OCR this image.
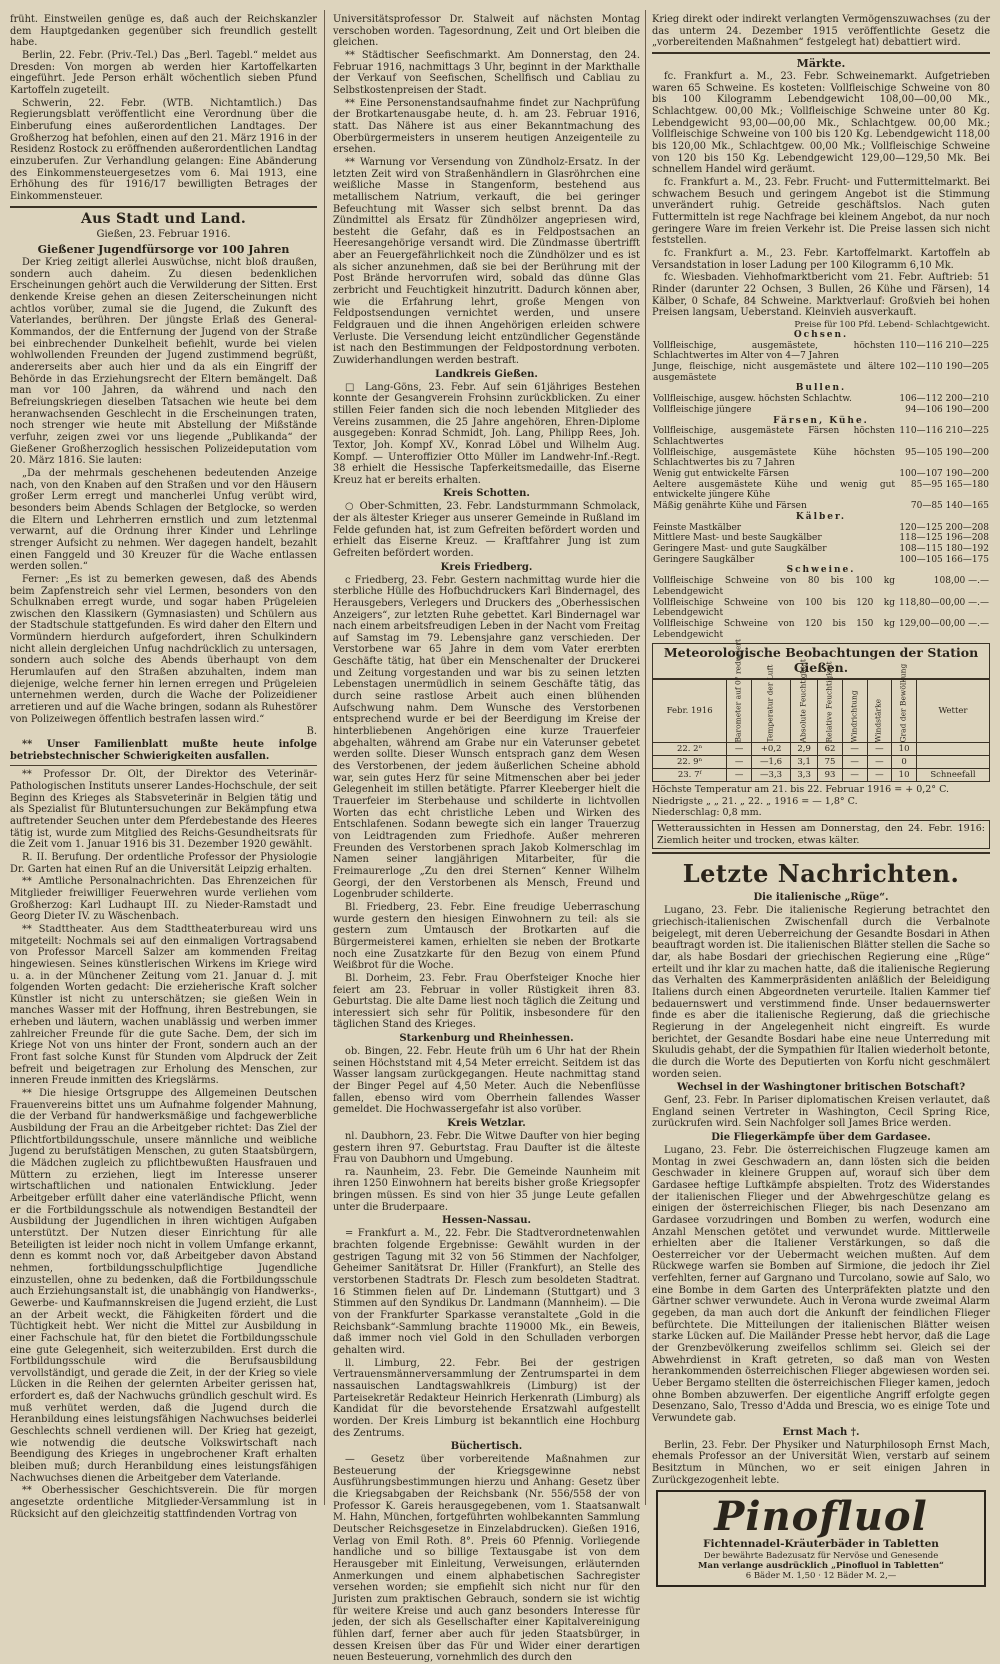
früht. Einstweilen genüge es, daß auch der Reichskanzler dem Hauptgedanken gegenüber sich freundlich gestellt habe.

Berlin, 22. Febr. (Priv.-Tel.) Das „Berl. Tagebl.“ meldet aus Dresden: Von morgen ab werden hier Kartoffelkarten eingeführt. Jede Person erhält wöchentlich sieben Pfund Kartoffeln zugeteilt.

Schwerin, 22. Febr. (WTB. Nichtamtlich.) Das Regierungsblatt veröffentlicht eine Verordnung über die Einberufung eines außerordentlichen Landtages. Der Großherzog hat befohlen, einen auf den 21. März 1916 in der Residenz Rostock zu eröffnenden außerordentlichen Landtag einzuberufen. Zur Verhandlung gelangen: Eine Abänderung des Einkommensteuergesetzes vom 6. Mai 1913, eine Erhöhung des für 1916/17 bewilligten Betrages der Einkommensteuer.

Aus Stadt und Land.
Gießen, 23. Februar 1916.
Gießener Jugendfürsorge vor 100 Jahren

Der Krieg zeitigt allerlei Auswüchse, nicht bloß draußen, sondern auch daheim. Zu diesen bedenklichen Erscheinungen gehört auch die Verwilderung der Sitten. Erst denkende Kreise gehen an diesen Zeiterscheinungen nicht achtlos vorüber, zumal sie die Jugend, die Zukunft des Vaterlandes, berühren. Der jüngste Erlaß des General-Kommandos, der die Entfernung der Jugend von der Straße bei einbrechender Dunkelheit befiehlt, wurde bei vielen wohlwollenden Freunden der Jugend zustimmend begrüßt, andererseits aber auch hier und da als ein Eingriff der Behörde in das Erziehungsrecht der Eltern bemängelt. Daß man vor 100 Jahren, da während und nach den Befreiungskriegen dieselben Tatsachen wie heute bei dem heranwachsenden Geschlecht in die Erscheinungen traten, noch strenger wie heute mit Abstellung der Mißstände verfuhr, zeigen zwei vor uns liegende „Publikanda“ der Gießener Großherzoglich hessischen Polizeideputation vom 20. März 1816. Sie lauten:

„Da der mehrmals geschehenen bedeutenden Anzeige nach, von den Knaben auf den Straßen und vor den Häusern großer Lerm erregt und mancherlei Unfug verübt wird, besonders beim Abends Schlagen der Betglocke, so werden die Eltern und Lehrherren ernstlich und zum letztenmal verwarnt, auf die Ordnung ihrer Kinder und Lehrlinge strenger Aufsicht zu nehmen. Wer dagegen handelt, bezahlt einen Fanggeld und 30 Kreuzer für die Wache entlassen werden sollen.“

Ferner: „Es ist zu bemerken gewesen, daß des Abends beim Zapfenstreich sehr viel Lermen, besonders von den Schulknaben erregt wurde, und sogar haben Prügeleien zwischen den Klassikern (Gymnasiasten) und Schülern aus der Stadtschule stattgefunden. Es wird daher den Eltern und Vormündern hierdurch aufgefordert, ihren Schulkindern nicht allein dergleichen Unfug nachdrücklich zu untersagen, sondern auch solche des Abends überhaupt von dem Herumlaufen auf den Straßen abzuhalten, indem man diejenige, welche ferner hin lernen erregen und Prügeleien unternehmen werden, durch die Wache der Polizeidiener arretieren und auf die Wache bringen, sodann als Ruhestörer von Polizeiwegen öffentlich bestrafen lassen wird.“

B.

** Unser Familienblatt mußte heute infolge betriebstechnischer Schwierigkeiten ausfallen.

** Professor Dr. Olt, der Direktor des Veterinär-Pathologischen Instituts unserer Landes-Hochschule, der seit Beginn des Krieges als Stabsveterinär in Belgien tätig und als Spezialist für Blutuntersuchungen zur Bekämpfung etwa auftretender Seuchen unter dem Pferdebestande des Heeres tätig ist, wurde zum Mitglied des Reichs-Gesundheitsrats für die Zeit vom 1. Januar 1916 bis 31. Dezember 1920 gewählt.

R. II. Berufung. Der ordentliche Professor der Physiologie Dr. Garten hat einen Ruf an die Universität Leipzig erhalten.

** Amtliche Personalnachrichten. Das Ehrenzeichen für Mitglieder freiwilliger Feuerwehren wurde verliehen vom Großherzog: Karl Ludhaupt III. zu Nieder-Ramstadt und Georg Dieter IV. zu Wäschenbach.

** Stadttheater. Aus dem Stadttheaterbureau wird uns mitgeteilt: Nochmals sei auf den einmaligen Vortragsabend von Professor Marcell Salzer am kommenden Freitag hingewiesen. Seines künstlerischen Wirkens im Kriege wird u. a. in der Münchener Zeitung vom 21. Januar d. J. mit folgenden Worten gedacht: Die erzieherische Kraft solcher Künstler ist nicht zu unterschätzen; sie gießen Wein in manches Wasser mit der Hoffnung, ihren Bestrebungen, sie erheben und läutern, wachen unablässig und werben immer zahlreicher Freunde für die gute Sache. Dem, der sich im Kriege Not von uns hinter der Front, sondern auch an der Front fast solche Kunst für Stunden vom Alpdruck der Zeit befreit und beigetragen zur Erholung des Menschen, zur inneren Freude inmitten des Kriegslärms.

** Die hiesige Ortsgruppe des Allgemeinen Deutschen Frauenvereins bittet uns um Aufnahme folgender Mahnung, die der Verband für handwerksmäßige und fachgewerbliche Ausbildung der Frau an die Arbeitgeber richtet: Das Ziel der Pflichtfortbildungsschule, unsere männliche und weibliche Jugend zu berufstätigen Menschen, zu guten Staatsbürgern, die Mädchen zugleich zu pflichtbewußten Hausfrauen und Müttern zu erziehen, liegt im Interesse unserer wirtschaftlichen und nationalen Entwicklung. Jeder Arbeitgeber erfüllt daher eine vaterländische Pflicht, wenn er die Fortbildungsschule als notwendigen Bestandteil der Ausbildung der Jugendlichen in ihren wichtigen Aufgaben unterstützt. Der Nutzen dieser Einrichtung für alle Beteiligten ist leider noch nicht in vollem Umfange erkannt, denn es kommt noch vor, daß Arbeitgeber davon Abstand nehmen, fortbildungsschulpflichtige Jugendliche einzustellen, ohne zu bedenken, daß die Fortbildungsschule auch Erziehungsanstalt ist, die unabhängig von Handwerks-, Gewerbe- und Kaufmannskreisen die Jugend erzieht, die Lust an der Arbeit weckt, die Fähigkeiten fördert und die Tüchtigkeit hebt. Wer nicht die Mittel zur Ausbildung in einer Fachschule hat, für den bietet die Fortbildungsschule eine gute Gelegenheit, sich weiterzubilden. Erst durch die Fortbildungsschule wird die Berufsausbildung vervollständigt, und gerade die Zeit, in der der Krieg so viele Lücken in die Reihen der gelernten Arbeiter gerissen hat, erfordert es, daß der Nachwuchs gründlich geschult wird. Es muß verhütet werden, daß die Jugend durch die Heranbildung eines leistungsfähigen Nachwuchses beiderlei Geschlechts schnell verdienen will. Der Krieg hat gezeigt, wie notwendig die deutsche Volkswirtschaft nach Beendigung des Krieges in ungebrochener Kraft erhalten bleiben muß; durch Heranbildung eines leistungsfähigen Nachwuchses dienen die Arbeitgeber dem Vaterlande.

** Oberhessischer Geschichtsverein. Die für morgen angesetzte ordentliche Mitglieder-Versammlung ist in Rücksicht auf den gleichzeitig stattfindenden Vortrag von

Universitätsprofessor Dr. Stalweit auf nächsten Montag verschoben worden. Tagesordnung, Zeit und Ort bleiben die gleichen.

** Städtischer Seefischmarkt. Am Donnerstag, den 24. Februar 1916, nachmittags 3 Uhr, beginnt in der Markthalle der Verkauf von Seefischen, Schellfisch und Cabliau zu Selbstkostenpreisen der Stadt.

** Eine Personenstandsaufnahme findet zur Nachprüfung der Brotkartenausgabe heute, d. h. am 23. Februar 1916, statt. Das Nähere ist aus einer Bekanntmachung des Oberbürgermeisters in unserem heutigen Anzeigenteile zu ersehen.

** Warnung vor Versendung von Zündholz-Ersatz. In der letzten Zeit wird von Straßenhändlern in Glasröhrchen eine weißliche Masse in Stangenform, bestehend aus metallischem Natrium, verkauft, die bei geringer Befeuchtung mit Wasser sich selbst brennt. Da das Zündmittel als Ersatz für Zündhölzer angepriesen wird, besteht die Gefahr, daß es in Feldpostsachen an Heeresangehörige versandt wird. Die Zündmasse übertrifft aber an Feuergefährlichkeit noch die Zündhölzer und es ist als sicher anzunehmen, daß sie bei der Berührung mit der Post Brände hervorrufen wird, sobald das dünne Glas zerbricht und Feuchtigkeit hinzutritt. Dadurch können aber, wie die Erfahrung lehrt, große Mengen von Feldpostsendungen vernichtet werden, und unsere Feldgrauen und die ihnen Angehörigen erleiden schwere Verluste. Die Versendung leicht entzündlicher Gegenstände ist nach den Bestimmungen der Feldpostordnung verboten. Zuwiderhandlungen werden bestraft.

Landkreis Gießen.

□ Lang-Göns, 23. Febr. Auf sein 61jähriges Bestehen konnte der Gesangverein Frohsinn zurückblicken. Zu einer stillen Feier fanden sich die noch lebenden Mitglieder des Vereins zusammen, die 25 Jahre angehören, Ehren-Diplome ausgegeben: Konrad Schmidt, Joh. Lang, Philipp Rees, Joh. Textor, Joh. Kompf XV., Konrad Löbel und Wilhelm Aug. Kompf. — Unteroffizier Otto Müller im Landwehr-Inf.-Regt. 38 erhielt die Hessische Tapferkeitsmedaille, das Eiserne Kreuz hat er bereits erhalten.

Kreis Schotten.

○ Ober-Schmitten, 23. Febr. Landsturmmann Schmolack, der als ältester Krieger aus unserer Gemeinde in Rußland im Felde gefunden hat, ist zum Gefreiten befördert worden und erhielt das Eiserne Kreuz. — Kraftfahrer Jung ist zum Gefreiten befördert worden.

Kreis Friedberg.

c Friedberg, 23. Febr. Gestern nachmittag wurde hier die sterbliche Hülle des Hofbuchdruckers Karl Bindernagel, des Herausgebers, Verlegers und Druckers des „Oberhessischen Anzeigers“, zur letzten Ruhe gebettet. Karl Bindernagel war nach einem arbeitsfreudigen Leben in der Nacht vom Freitag auf Samstag im 79. Lebensjahre ganz verschieden. Der Verstorbene war 65 Jahre in dem vom Vater ererbten Geschäfte tätig, hat über ein Menschenalter der Druckerei und Zeitung vorgestanden und war bis zu seinen letzten Lebenstagen unermüdlich in seinem Geschäfte tätig, das durch seine rastlose Arbeit auch einen blühenden Aufschwung nahm. Dem Wunsche des Verstorbenen entsprechend wurde er bei der Beerdigung im Kreise der hinterbliebenen Angehörigen eine kurze Trauerfeier abgehalten, während am Grabe nur ein Vaterunser gebetet werden sollte. Dieser Wunsch entsprach ganz dem Wesen des Verstorbenen, der jedem äußerlichen Scheine abhold war, sein gutes Herz für seine Mitmenschen aber bei jeder Gelegenheit im stillen betätigte. Pfarrer Kleeberger hielt die Trauerfeier im Sterbehause und schilderte in lichtvollen Worten das echt christliche Leben und Wirken des Entschlafenen. Sodann bewegte sich ein langer Trauerzug von Leidtragenden zum Friedhofe. Außer mehreren Freunden des Verstorbenen sprach Jakob Kolmerschlag im Namen seiner langjährigen Mitarbeiter, für die Freimaurerloge „Zu den drei Sternen“ Kenner Wilhelm Georgi, der den Verstorbenen als Mensch, Freund und Logenbruder schilderte.

Bl. Friedberg, 23. Febr. Eine freudige Ueberraschung wurde gestern den hiesigen Einwohnern zu teil: als sie gestern zum Umtausch der Brotkarten auf die Bürgermeisterei kamen, erhielten sie neben der Brotkarte noch eine Zusatzkarte für den Bezug von einem Pfund Weißbrot für die Woche.

Bl. Dorheim, 23. Febr. Frau Oberfsteiger Knoche hier feiert am 23. Februar in voller Rüstigkeit ihren 83. Geburtstag. Die alte Dame liest noch täglich die Zeitung und interessiert sich sehr für Politik, insbesondere für den täglichen Stand des Krieges.

Starkenburg und Rheinhessen.

ob. Bingen, 22. Febr. Heute früh um 6 Uhr hat der Rhein seinen Höchststand mit 4,54 Meter erreicht. Seitdem ist das Wasser langsam zurückgegangen. Heute nachmittag stand der Binger Pegel auf 4,50 Meter. Auch die Nebenflüsse fallen, ebenso wird vom Oberrhein fallendes Wasser gemeldet. Die Hochwassergefahr ist also vorüber.

Kreis Wetzlar.

nl. Daubhorn, 23. Febr. Die Witwe Daufter von hier beging gestern ihren 97. Geburtstag. Frau Daufter ist die älteste Frau von Daubhorn und Umgebung.

ra. Naunheim, 23. Febr. Die Gemeinde Naunheim mit ihren 1250 Einwohnern hat bereits bisher große Kriegsopfer bringen müssen. Es sind von hier 35 junge Leute gefallen unter die Bruderpaare.

Hessen-Nassau.

= Frankfurt a. M., 22. Febr. Die Stadtverordnetenwahlen brachten folgende Ergebnisse: Gewählt wurden in der gestrigen Tagung mit 32 von 56 Stimmen der Nachfolger, Geheimer Sanitätsrat Dr. Hiller (Frankfurt), an Stelle des verstorbenen Stadtrats Dr. Flesch zum besoldeten Stadtrat. 16 Stimmen fielen auf Dr. Lindemann (Stuttgart) und 3 Stimmen auf den Syndikus Dr. Landmann (Mannheim). — Die von der Frankfurter Sparkasse veranstaltete „Gold in die Reichsbank“-Sammlung brachte 119000 Mk., ein Beweis, daß immer noch viel Gold in den Schulladen verborgen gehalten wird.

ll. Limburg, 22. Febr. Bei der gestrigen Vertrauensmännerversammlung der Zentrumspartei in dem nassauischen Landtagswahlkreis (Limburg) ist der Parteisekretär Redakteur Heinrich Herkenrath (Limburg) als Kandidat für die bevorstehende Ersatzwahl aufgestellt worden. Der Kreis Limburg ist bekanntlich eine Hochburg des Zentrums.

Büchertisch.

— Gesetz über vorbereitende Maßnahmen zur Besteuerung der Kriegsgewinne nebst Ausführungsbestimmungen hierzu und Anhang: Gesetz über die Kriegsabgaben der Reichsbank (Nr. 556/558 der von Professor K. Gareis herausgegebenen, vom 1. Staatsanwalt M. Hahn, München, fortgeführten wohlbekannten Sammlung Deutscher Reichsgesetze in Einzelabdrucken). Gießen 1916, Verlag von Emil Roth. 8°. Preis 60 Pfennig. Vorliegende handliche und so billige Textausgabe ist von dem Herausgeber mit Einleitung, Verweisungen, erläuternden Anmerkungen und einem alphabetischen Sachregister versehen worden; sie empfiehlt sich nicht nur für den Juristen zum praktischen Gebrauch, sondern sie ist wichtig für weitere Kreise und auch ganz besonders Interesse für jeden, der sich als Gesellschafter einer Kapitalvereinigung fühlen darf, ferner aber auch für jeden Staatsbürger, in dessen Kreisen über das Für und Wider einer derartigen neuen Besteuerung, vornehmlich des durch den

Krieg direkt oder indirekt verlangten Vermögenszuwachses (zu der das unterm 24. Dezember 1915 veröffentlichte Gesetz die „vorbereitenden Maßnahmen“ festgelegt hat) debattiert wird.

Märkte.

fc. Frankfurt a. M., 23. Febr. Schweinemarkt. Aufgetrieben waren 65 Schweine. Es kosteten: Vollfleischige Schweine von 80 bis 100 Kilogramm Lebendgewicht 108,00—00,00 Mk., Schlachtgew. 00,00 Mk.; Vollfleischige Schweine unter 80 Kg. Lebendgewicht 93,00—00,00 Mk., Schlachtgew. 00,00 Mk.; Vollfleischige Schweine von 100 bis 120 Kg. Lebendgewicht 118,00 bis 120,00 Mk., Schlachtgew. 00,00 Mk.; Vollfleischige Schweine von 120 bis 150 Kg. Lebendgewicht 129,00—129,50 Mk. Bei schnellem Handel wird geräumt.

fc. Frankfurt a. M., 23. Febr. Frucht- und Futtermittelmarkt. Bei schwachem Besuch und geringem Angebot ist die Stimmung unverändert ruhig. Getreide geschäftslos. Nach guten Futtermitteln ist rege Nachfrage bei kleinem Angebot, da nur noch geringere Ware im freien Verkehr ist. Die Preise lassen sich nicht feststellen.

fc. Frankfurt a. M., 23. Febr. Kartoffelmarkt. Kartoffeln ab Versandstation in loser Ladung per 100 Kilogramm 6,10 Mk.

fc. Wiesbaden. Viehhofmarktbericht vom 21. Febr. Auftrieb: 51 Rinder (darunter 22 Ochsen, 3 Bullen, 26 Kühe und Färsen), 14 Kälber, 0 Schafe, 84 Schweine. Marktverlauf: Großvieh bei hohen Preisen langsam, Ueberstand. Kleinvieh ausverkauft.

Preise für 100 Pfd. Lebend- Schlachtgewicht.
Ochsen.	
Vollfleischige, ausgemästete, höchsten Schlachtwertes im Alter von 4—7 Jahren	110—116 210—225
Junge, fleischige, nicht ausgemästete und ältere ausgemästete	102—110 190—205
Bullen.	
Vollfleischige, ausgew. höchsten Schlachtw.	106—112 200—210
Vollfleischige jüngere	94—106 190—200
Färsen, Kühe.	
Vollfleischige, ausgemästete Färsen höchsten Schlachtwertes	110—116 210—225
Vollfleischige, ausgemästete Kühe höchsten Schlachtwertes bis zu 7 Jahren	95—105 190—200
Wenig gut entwickelte Färsen	100—107 190—200
Aeltere ausgemästete Kühe und wenig gut entwickelte jüngere Kühe	85—95 165—180
Mäßig genährte Kühe und Färsen	70—85 140—165
Kälber.	
Feinste Mastkälber	120—125 200—208
Mittlere Mast- und beste Saugkälber	118—125 196—208
Geringere Mast- und gute Saugkälber	108—115 180—192
Geringere Saugkälber	100—105 166—175
Schweine.	
Vollfleischige Schweine von 80 bis 100 kg Lebendgewicht	108,00 —.—
Vollfleischige Schweine von 100 bis 120 kg Lebendgewicht	118,80—00,00 —.—
Vollfleischige Schweine von 120 bis 150 kg Lebendgewicht	129,00—00,00 —.—
Meteorologische Beobachtungen der Station Gießen.
Febr. 1916	Barometer auf 0° reduziert	Temperatur der Luft	Absolute Feuchtigkeit	Relative Feuchtigkeit	Windrichtung	Windstärke	Grad der Bewölkung	Wetter
22. 2ⁿ	—	+0,2	2,9	62	—	—	10	
22. 9ⁿ	—	—1,6	3,1	75	—	—	0	
23. 7ᶠ	—	—3,3	3,3	93	—	—	10	Schneefall
Höchste Temperatur am 21. bis 22. Februar 1916 = + 0,2° C.
Niedrigste „ „ 21. „ 22. „ 1916 = — 1,8° C.
Niederschlag: 0,8 mm.
Wetteraussichten in Hessen am Donnerstag, den 24. Febr. 1916: Ziemlich heiter und trocken, etwas kälter.
Letzte Nachrichten.
Die italienische „Rüge“.

Lugano, 23. Febr. Die italienische Regierung betrachtet den griechisch-italienischen Zwischenfall durch die Verbalnote beigelegt, mit deren Ueberreichung der Gesandte Bosdari in Athen beauftragt worden ist. Die italienischen Blätter stellen die Sache so dar, als habe Bosdari der griechischen Regierung eine „Rüge“ erteilt und ihr klar zu machen hatte, daß die italienische Regierung das Verhalten des Kammerpräsidenten anläßlich der Beleidigung Italiens durch einen Abgeordneten verurteile. Italien Kammer tief bedauernswert und verstimmend finde. Unser bedauernswerter finde es aber die italienische Regierung, daß die griechische Regierung in der Angelegenheit nicht eingreift. Es wurde berichtet, der Gesandte Bosdari habe eine neue Unterredung mit Skuludis gehabt, der die Sympathien für Italien wiederholt betonte, die durch die Worte des Deputierten von Korfu nicht geschmälert worden seien.

Wechsel in der Washingtoner britischen Botschaft?

Genf, 23. Febr. In Pariser diplomatischen Kreisen verlautet, daß England seinen Vertreter in Washington, Cecil Spring Rice, zurückrufen wird. Sein Nachfolger soll James Brice werden.

Die Fliegerkämpfe über dem Gardasee.

Lugano, 23. Febr. Die österreichischen Flugzeuge kamen am Montag in zwei Geschwadern an, dann lösten sich die beiden Geschwader in kleinere Gruppen auf, worauf sich über dem Gardasee heftige Luftkämpfe abspielten. Trotz des Widerstandes der italienischen Flieger und der Abwehrgeschütze gelang es einigen der österreichischen Flieger, bis nach Desenzano am Gardasee vorzudringen und Bomben zu werfen, wodurch eine Anzahl Menschen getötet und verwundet wurde. Mittlerweile erhielten aber die Italiener Verstärkungen, so daß die Oesterreicher vor der Uebermacht weichen mußten. Auf dem Rückwege warfen sie Bomben auf Sirmione, die jedoch ihr Ziel verfehlten, ferner auf Gargnano und Turcolano, sowie auf Salo, wo eine Bombe in dem Garten des Unterpräfekten platzte und den Gärtner schwer verwundete. Auch in Verona wurde zweimal Alarm gegeben, da man auch dort die Ankunft der feindlichen Flieger befürchtete. Die Mitteilungen der italienischen Blätter weisen starke Lücken auf. Die Mailänder Presse hebt hervor, daß die Lage der Grenzbevölkerung zweifellos schlimm sei. Gleich sei der Abwehrdienst in Kraft getreten, so daß man von Westen herankommenden österreichischen Flieger abgewiesen worden sei. Ueber Bergamo stellten die österreichischen Flieger kamen, jedoch ohne Bomben abzuwerfen. Der eigentliche Angriff erfolgte gegen Desenzano, Salo, Tresso d'Adda und Brescia, wo es einige Tote und Verwundete gab.

Ernst Mach †.

Berlin, 23. Febr. Der Physiker und Naturphilosoph Ernst Mach, ehemals Professor an der Universität Wien, verstarb auf seinem Besitztum in München, wo er seit einigen Jahren in Zurückgezogenheit lebte.

Pinofluol
Fichtennadel-Kräuterbäder in Tabletten
Der bewährte Badezusatz für Nervöse und Genesende
Man verlange ausdrücklich „Pinofluol in Tabletten“
6 Bäder M. 1,50 · 12 Bäder M. 2,—
